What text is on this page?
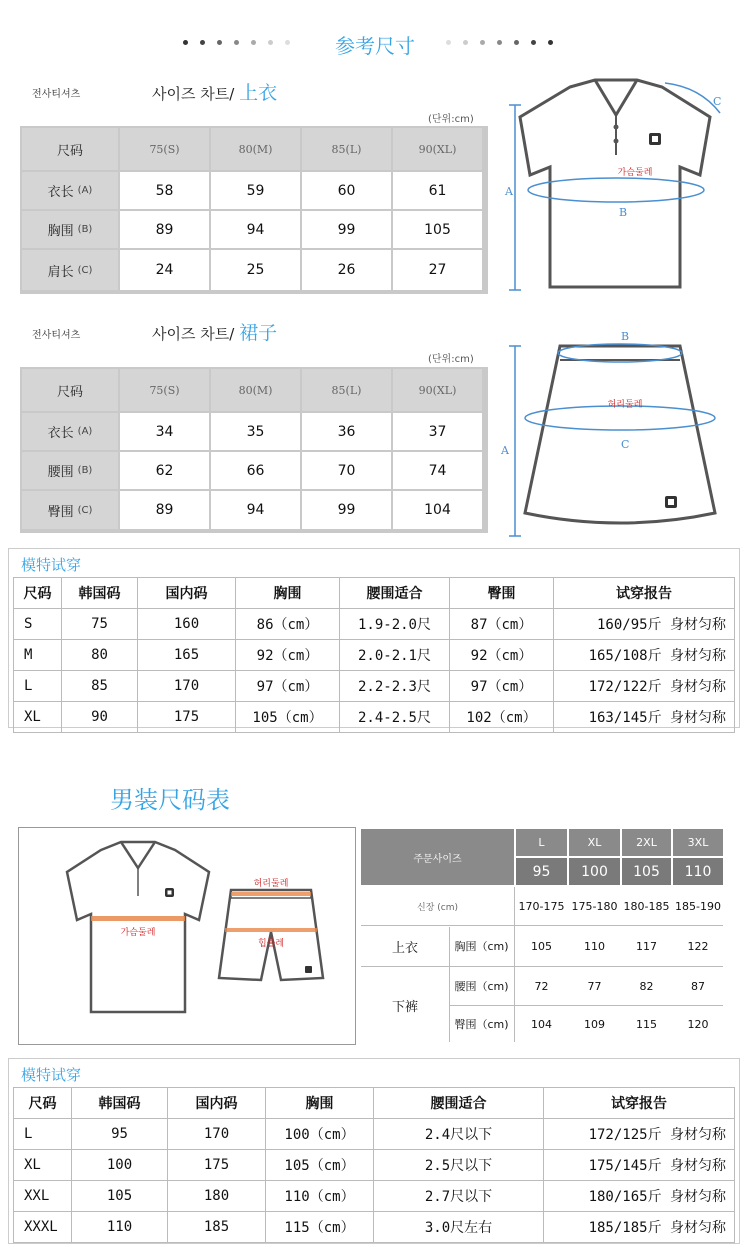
参考尺寸
전사티셔츠	사이즈 차트/ 上衣
(단위:cm)
尺码	75(S)	80(M)	85(L)	90(XL)
衣长 (A)	58	59	60	61
胸围 (B)	89	94	99	105
肩长 (C)	24	25	26	27
가슴둘레
A
B
C
전사티셔츠	사이즈 차트/ 裙子
(단위:cm)
尺码	75(S)	80(M)	85(L)	90(XL)
衣长 (A)	34	35	36	37
腰围 (B)	62	66	70	74
臀围 (C)	89	94	99	104
허리둘레
A
B
C
模特试穿
尺码	韩国码	国内码	胸围	腰围适合	臀围	试穿报告
S	75	160	86（cm）	1.9-2.0尺	87（cm）	160/95斤 身材匀称
M	80	165	92（cm）	2.0-2.1尺	92（cm）	165/108斤 身材匀称
L	85	170	97（cm）	2.2-2.3尺	97（cm）	172/122斤 身材匀称
XL	90	175	105（cm）	2.4-2.5尺	102（cm）	163/145斤 身材匀称
男装尺码表
가슴둘레
허리둘레
힙둘레
주문사이즈
L	XL	2XL	3XL
95	100	105	110
신장 (cm)	170-175 175-180 180-185 185-190
上衣	胸围（cm)	105	110	117	122
下裤
腰围（cm)	72	77	82	87
臀围（cm)	104	109	115	120
模特试穿
尺码	韩国码	国内码	胸围	腰围适合	试穿报告
L	95	170	100（cm）	2.4尺以下	172/125斤 身材匀称
XL	100	175	105（cm）	2.5尺以下	175/145斤 身材匀称
XXL	105	180	110（cm）	2.7尺以下	180/165斤 身材匀称
XXXL	110	185	115（cm）	3.0尺左右	185/185斤 身材匀称
